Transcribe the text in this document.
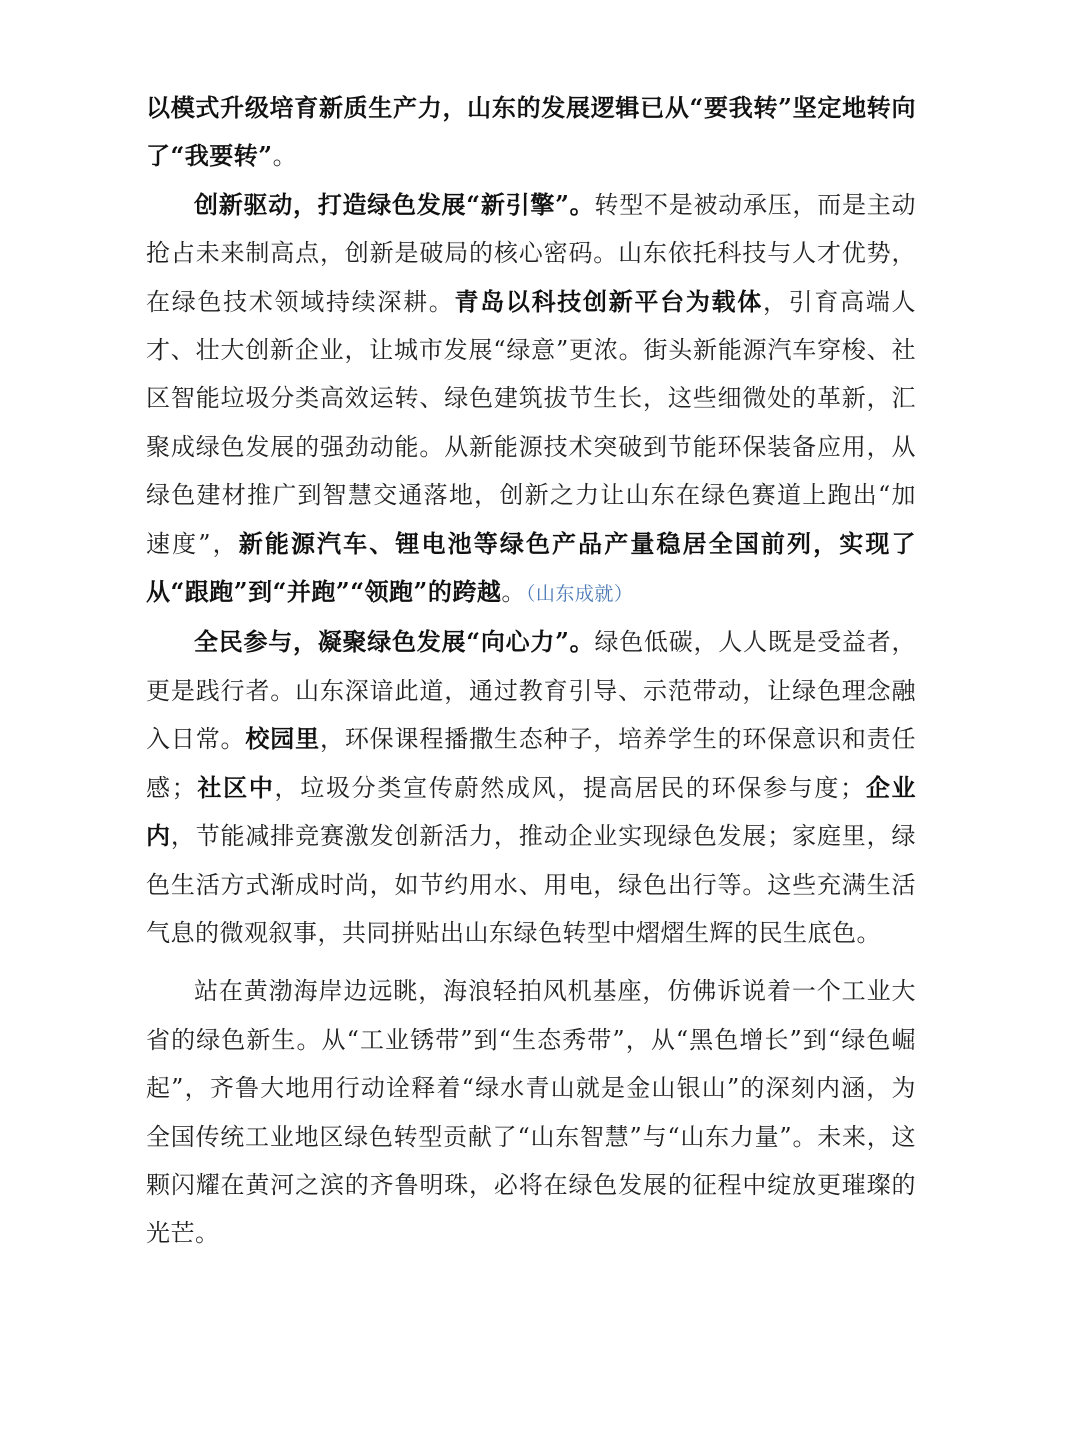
以模式升级培育新质生产力，山东的发展逻辑已从“要我转”坚定地转向了“我要转”。

创新驱动，打造绿色发展“新引擎”。转型不是被动承压，而是主动抢占未来制高点，创新是破局的核心密码。山东依托科技与人才优势，在绿色技术领域持续深耕。青岛以科技创新平台为载体，引育高端人才、壮大创新企业，让城市发展“绿意”更浓。街头新能源汽车穿梭、社区智能垃圾分类高效运转、绿色建筑拔节生长，这些细微处的革新，汇聚成绿色发展的强劲动能。从新能源技术突破到节能环保装备应用，从绿色建材推广到智慧交通落地，创新之力让山东在绿色赛道上跑出“加速度”，新能源汽车、锂电池等绿色产品产量稳居全国前列，实现了从“跟跑”到“并跑”“领跑”的跨越。（山东成就）

全民参与，凝聚绿色发展“向心力”。绿色低碳，人人既是受益者，更是践行者。山东深谙此道，通过教育引导、示范带动，让绿色理念融入日常。校园里，环保课程播撒生态种子，培养学生的环保意识和责任感；社区中，垃圾分类宣传蔚然成风，提高居民的环保参与度；企业内，节能减排竞赛激发创新活力，推动企业实现绿色发展；家庭里，绿色生活方式渐成时尚，如节约用水、用电，绿色出行等。这些充满生活气息的微观叙事，共同拼贴出山东绿色转型中熠熠生辉的民生底色。

站在黄渤海岸边远眺，海浪轻拍风机基座，仿佛诉说着一个工业大省的绿色新生。从“工业锈带”到“生态秀带”，从“黑色增长”到“绿色崛起”，齐鲁大地用行动诠释着“绿水青山就是金山银山”的深刻内涵，为全国传统工业地区绿色转型贡献了“山东智慧”与“山东力量”。未来，这颗闪耀在黄河之滨的齐鲁明珠，必将在绿色发展的征程中绽放更璀璨的光芒。
